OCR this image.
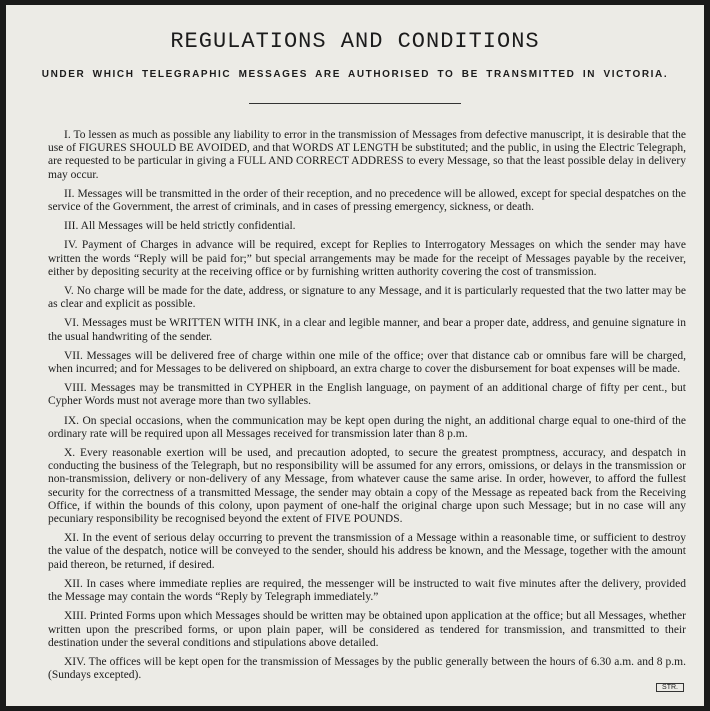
REGULATIONS AND CONDITIONS
UNDER WHICH TELEGRAPHIC MESSAGES ARE AUTHORISED TO BE TRANSMITTED IN VICTORIA.

I. To lessen as much as possible any liability to error in the transmission of Messages from defective manuscript, it is desirable that the use of FIGURES SHOULD BE AVOIDED, and that WORDS AT LENGTH be substituted; and the public, in using the Electric Telegraph, are requested to be particular in giving a FULL AND CORRECT ADDRESS to every Message, so that the least possible delay in delivery may occur.

II. Messages will be transmitted in the order of their reception, and no precedence will be allowed, except for special despatches on the service of the Government, the arrest of criminals, and in cases of pressing emergency, sickness, or death.

III. All Messages will be held strictly confidential.

IV. Payment of Charges in advance will be required, except for Replies to Interrogatory Messages on which the sender may have written the words “Reply will be paid for;” but special arrangements may be made for the receipt of Messages payable by the receiver, either by depositing security at the receiving office or by furnishing written authority covering the cost of transmission.

V. No charge will be made for the date, address, or signature to any Message, and it is particularly requested that the two latter may be as clear and explicit as possible.

VI. Messages must be WRITTEN WITH INK, in a clear and legible manner, and bear a proper date, address, and genuine signature in the usual handwriting of the sender.

VII. Messages will be delivered free of charge within one mile of the office; over that distance cab or omnibus fare will be charged, when incurred; and for Messages to be delivered on shipboard, an extra charge to cover the disbursement for boat expenses will be made.

VIII. Messages may be transmitted in CYPHER in the English language, on payment of an additional charge of fifty per cent., but Cypher Words must not average more than two syllables.

IX. On special occasions, when the communication may be kept open during the night, an additional charge equal to one-third of the ordinary rate will be required upon all Messages received for transmission later than 8 p.m.

X. Every reasonable exertion will be used, and precaution adopted, to secure the greatest promptness, accuracy, and despatch in conducting the business of the Telegraph, but no responsibility will be assumed for any errors, omissions, or delays in the transmission or non-transmission, delivery or non-delivery of any Message, from whatever cause the same arise. In order, however, to afford the fullest security for the correctness of a transmitted Message, the sender may obtain a copy of the Message as repeated back from the Receiving Office, if within the bounds of this colony, upon payment of one-half the original charge upon such Message; but in no case will any pecuniary responsibility be recognised beyond the extent of FIVE POUNDS.

XI. In the event of serious delay occurring to prevent the transmission of a Message within a reasonable time, or sufficient to destroy the value of the despatch, notice will be conveyed to the sender, should his address be known, and the Message, together with the amount paid thereon, be returned, if desired.

XII. In cases where immediate replies are required, the messenger will be instructed to wait five minutes after the delivery, provided the Message may contain the words “Reply by Telegraph immediately.”

XIII. Printed Forms upon which Messages should be written may be obtained upon application at the office; but all Messages, whether written upon the prescribed forms, or upon plain paper, will be considered as tendered for transmission, and transmitted to their destination under the several conditions and stipulations above detailed.

XIV. The offices will be kept open for the transmission of Messages by the public generally between the hours of 6.30 a.m. and 8 p.m. (Sundays excepted).

STR.
